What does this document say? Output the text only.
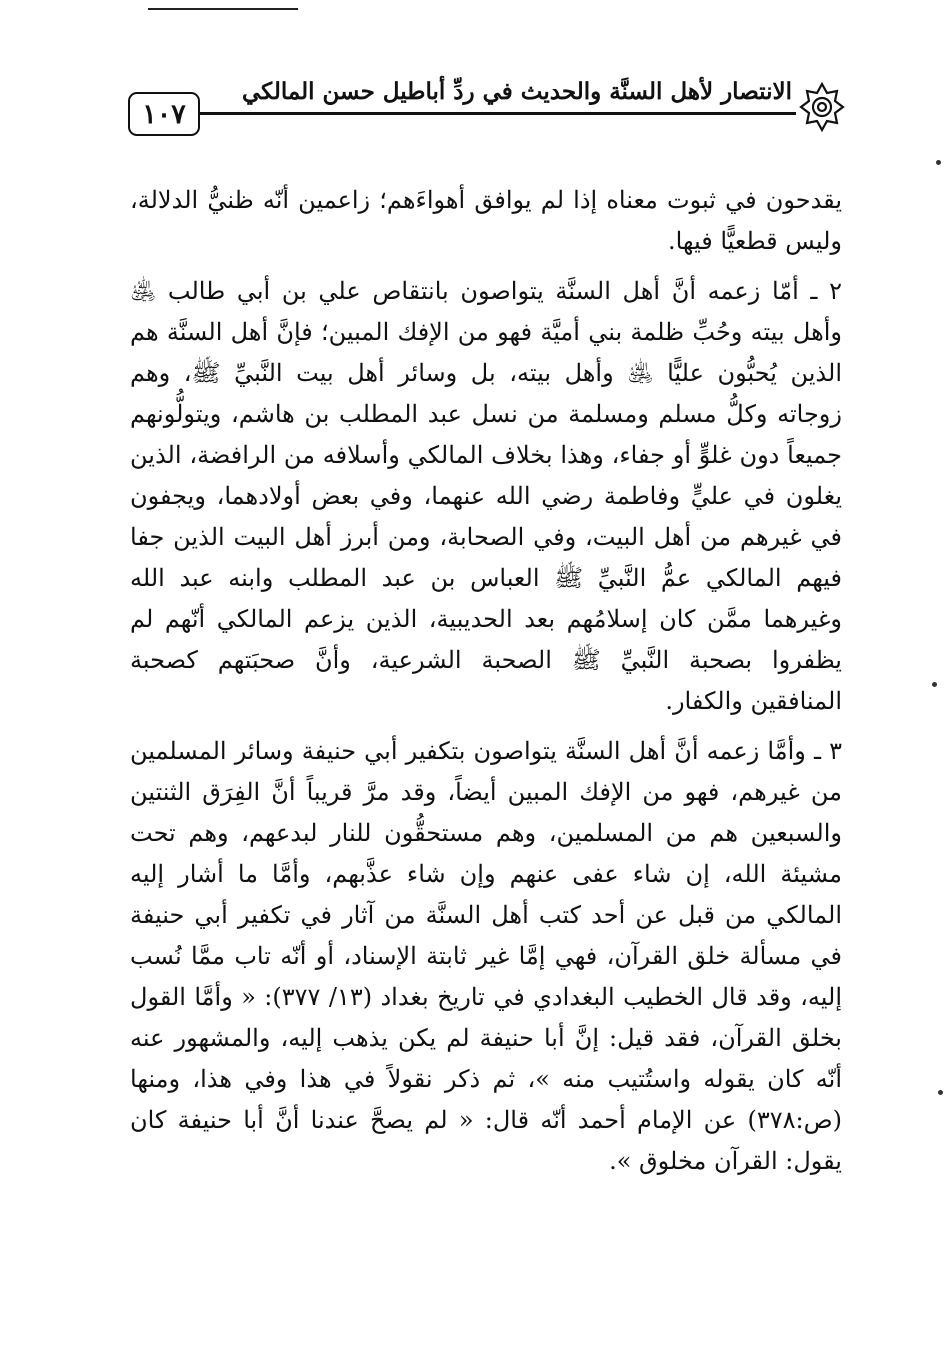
١٠٧
الانتصار لأهل السنَّة والحديث في ردِّ أباطيل حسن المالكي

يقدحون في ثبوت معناه إذا لم يوافق أهواءَهم؛ زاعمين أنّه ظنيُّ الدلالة، وليس قطعيًّا فيها.

٢ ـ أمّا زعمه أنَّ أهل السنَّة يتواصون بانتقاص علي بن أبي طالب ﵁ وأهل بيته وحُبِّ ظلمة بني أميَّة فهو من الإفك المبين؛ فإنَّ أهل السنَّة هم الذين يُحبُّون عليًّا ﵁ وأهل بيته، بل وسائر أهل بيت النَّبيِّ ﷺ، وهم زوجاته وكلُّ مسلم ومسلمة من نسل عبد المطلب بن هاشم، ويتولُّونهم جميعاً دون غلوٍّ أو جفاء، وهذا بخلاف المالكي وأسلافه من الرافضة، الذين يغلون في عليٍّ وفاطمة رضي الله عنهما، وفي بعض أولادهما، ويجفون في غيرهم من أهل البيت، وفي الصحابة، ومن أبرز أهل البيت الذين جفا فيهم المالكي عمُّ النَّبيِّ ﷺ العباس بن عبد المطلب وابنه عبد الله وغيرهما ممَّن كان إسلامُهم بعد الحديبية، الذين يزعم المالكي أنّهم لم يظفروا بصحبة النَّبيِّ ﷺ الصحبة الشرعية، وأنَّ صحبَتهم كصحبة المنافقين والكفار.

٣ ـ وأمَّا زعمه أنَّ أهل السنَّة يتواصون بتكفير أبي حنيفة وسائر المسلمين من غيرهم، فهو من الإفك المبين أيضاً، وقد مرَّ قريباً أنَّ الفِرَق الثنتين والسبعين هم من المسلمين، وهم مستحقُّون للنار لبدعهم، وهم تحت مشيئة الله، إن شاء عفى عنهم وإن شاء عذَّبهم، وأمَّا ما أشار إليه المالكي من قبل عن أحد كتب أهل السنَّة من آثار في تكفير أبي حنيفة في مسألة خلق القرآن، فهي إمَّا غير ثابتة الإسناد، أو أنّه تاب ممَّا نُسب إليه، وقد قال الخطيب البغدادي في تاريخ بغداد (١٣/ ٣٧٧): « وأمَّا القول بخلق القرآن، فقد قيل: إنَّ أبا حنيفة لم يكن يذهب إليه، والمشهور عنه أنّه كان يقوله واستُتيب منه »، ثم ذكر نقولاً في هذا وفي هذا، ومنها (ص:٣٧٨) عن الإمام أحمد أنّه قال: « لم يصحَّ عندنا أنَّ أبا حنيفة كان يقول: القرآن مخلوق ».
